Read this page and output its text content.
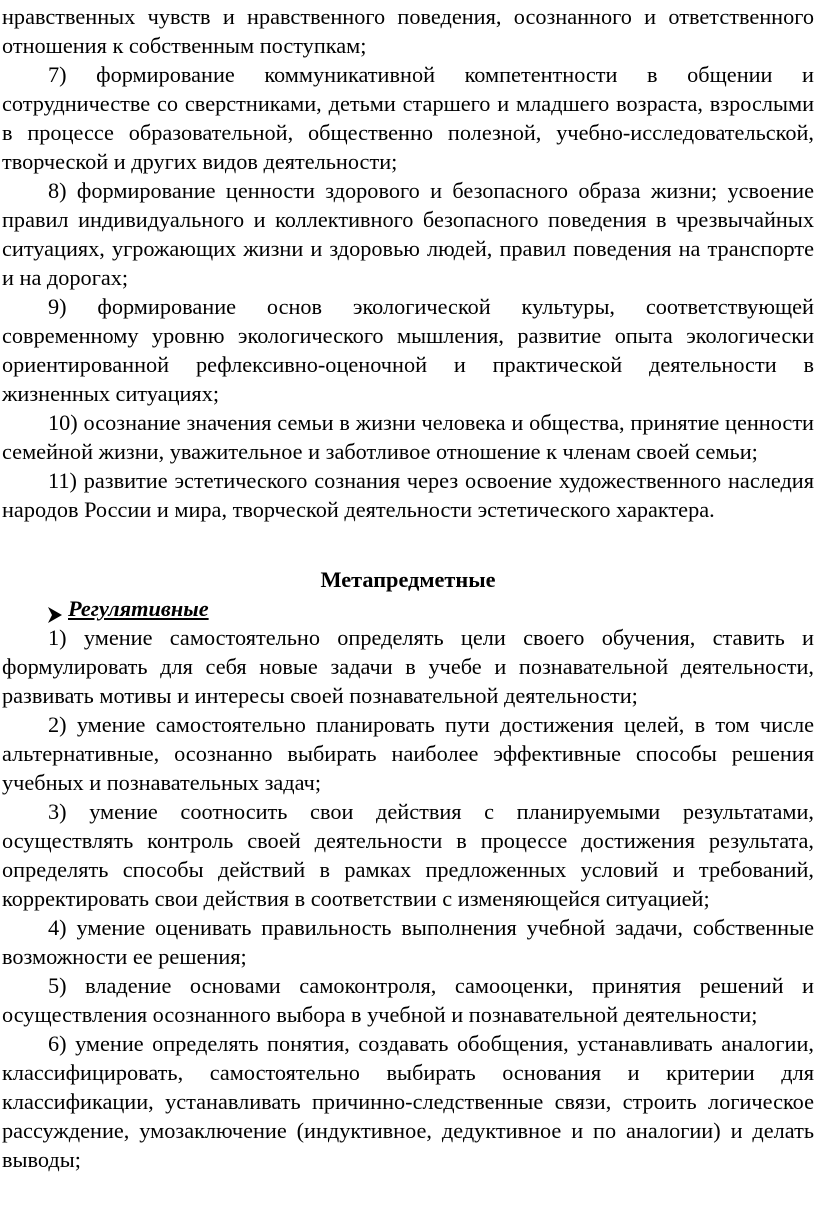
нравственных чувств и нравственного поведения, осознанного и ответственного отношения к собственным поступкам;

7) формирование коммуникативной компетентности в общении и сотрудничестве со сверстниками, детьми старшего и младшего возраста, взрослыми в процессе образовательной, общественно полезной, учебно-исследовательской, творческой и других видов деятельности;

8) формирование ценности здорового и безопасного образа жизни; усвоение правил индивидуального и коллективного безопасного поведения в чрезвычайных ситуациях, угрожающих жизни и здоровью людей, правил поведения на транспорте и на дорогах;

9) формирование основ экологической культуры, соответствующей современному уровню экологического мышления, развитие опыта экологически ориентированной рефлексивно-оценочной и практической деятельности в жизненных ситуациях;

10) осознание значения семьи в жизни человека и общества, принятие ценности семейной жизни, уважительное и заботливое отношение к членам своей семьи;

11) развитие эстетического сознания через освоение художественного наследия народов России и мира, творческой деятельности эстетического характера.

Метапредметные

Регулятивные

1) умение самостоятельно определять цели своего обучения, ставить и формулировать для себя новые задачи в учебе и познавательной деятельности, развивать мотивы и интересы своей познавательной деятельности;

2) умение самостоятельно планировать пути достижения целей, в том числе альтернативные, осознанно выбирать наиболее эффективные способы решения учебных и познавательных задач;

3) умение соотносить свои действия с планируемыми результатами, осуществлять контроль своей деятельности в процессе достижения результата, определять способы действий в рамках предложенных условий и требований, корректировать свои действия в соответствии с изменяющейся ситуацией;

4) умение оценивать правильность выполнения учебной задачи, собственные возможности ее решения;

5) владение основами самоконтроля, самооценки, принятия решений и осуществления осознанного выбора в учебной и познавательной деятельности;

6) умение определять понятия, создавать обобщения, устанавливать аналогии, классифицировать, самостоятельно выбирать основания и критерии для классификации, устанавливать причинно-следственные связи, строить логическое рассуждение, умозаключение (индуктивное, дедуктивное и по аналогии) и делать выводы;
